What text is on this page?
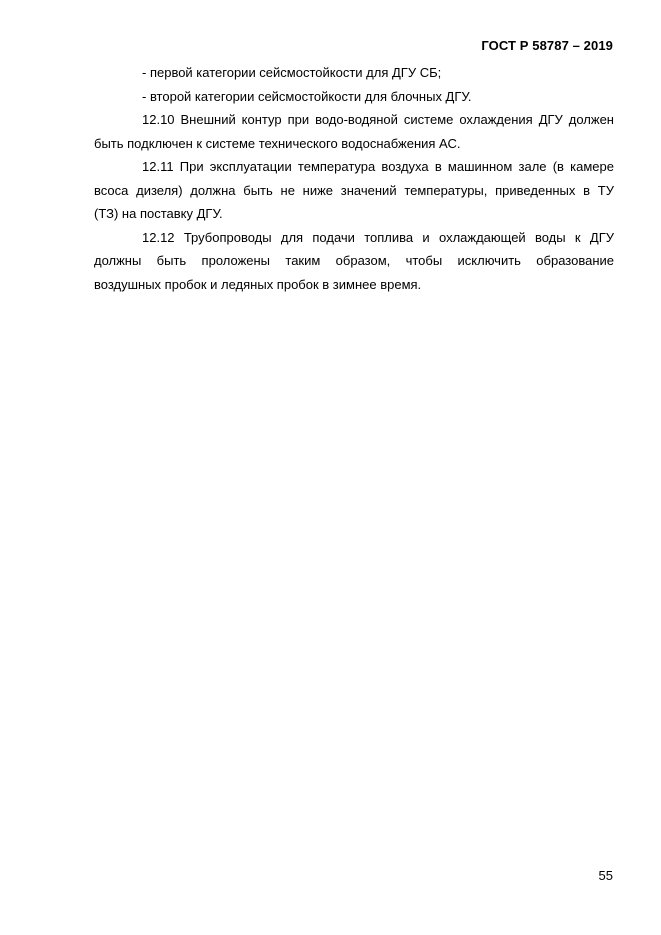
ГОСТ Р 58787 – 2019
- первой категории сейсмостойкости для ДГУ СБ;
- второй категории сейсмостойкости для блочных ДГУ.
12.10 Внешний контур при водо-водяной системе охлаждения ДГУ должен
быть подключен к системе технического водоснабжения АС.
12.11 При эксплуатации температура воздуха в машинном зале (в камере
всоса дизеля) должна быть не ниже значений температуры, приведенных в ТУ
(ТЗ) на поставку ДГУ.
12.12 Трубопроводы для подачи топлива и охлаждающей воды к ДГУ
должны быть проложены таким образом, чтобы исключить образование
воздушных пробок и ледяных пробок в зимнее время.
55
